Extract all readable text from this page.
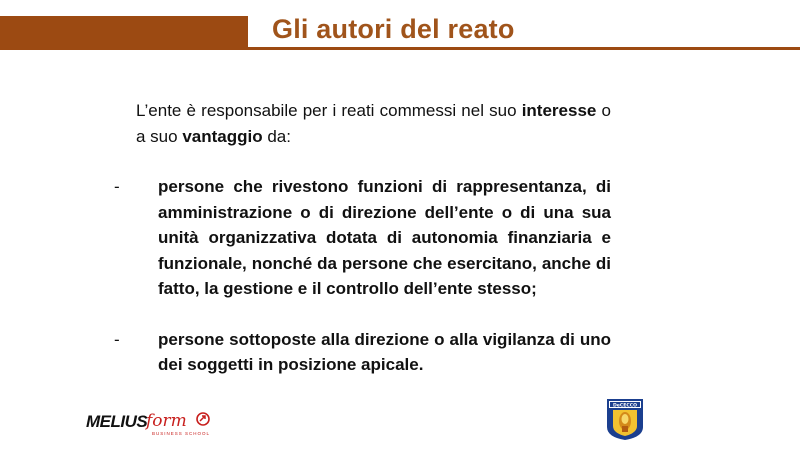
Gli autori del reato

L’ente è responsabile per i reati commessi nel suo interesse o a suo vantaggio da:

-	persone che rivestono funzioni di rappresentanza, di amministrazione o di direzione dell’ente o di una sua unità organizzativa dotata di autonomia finanziaria e funzionale, nonché da persone che esercitano, anche di fatto, la gestione e il controllo dell’ente stesso;
-	persone sottoposte alla direzione o alla vigilanza di uno dei soggetti in posizione apicale.
MELIUS
form
BUSINESS SCHOOL
DeCECCO
